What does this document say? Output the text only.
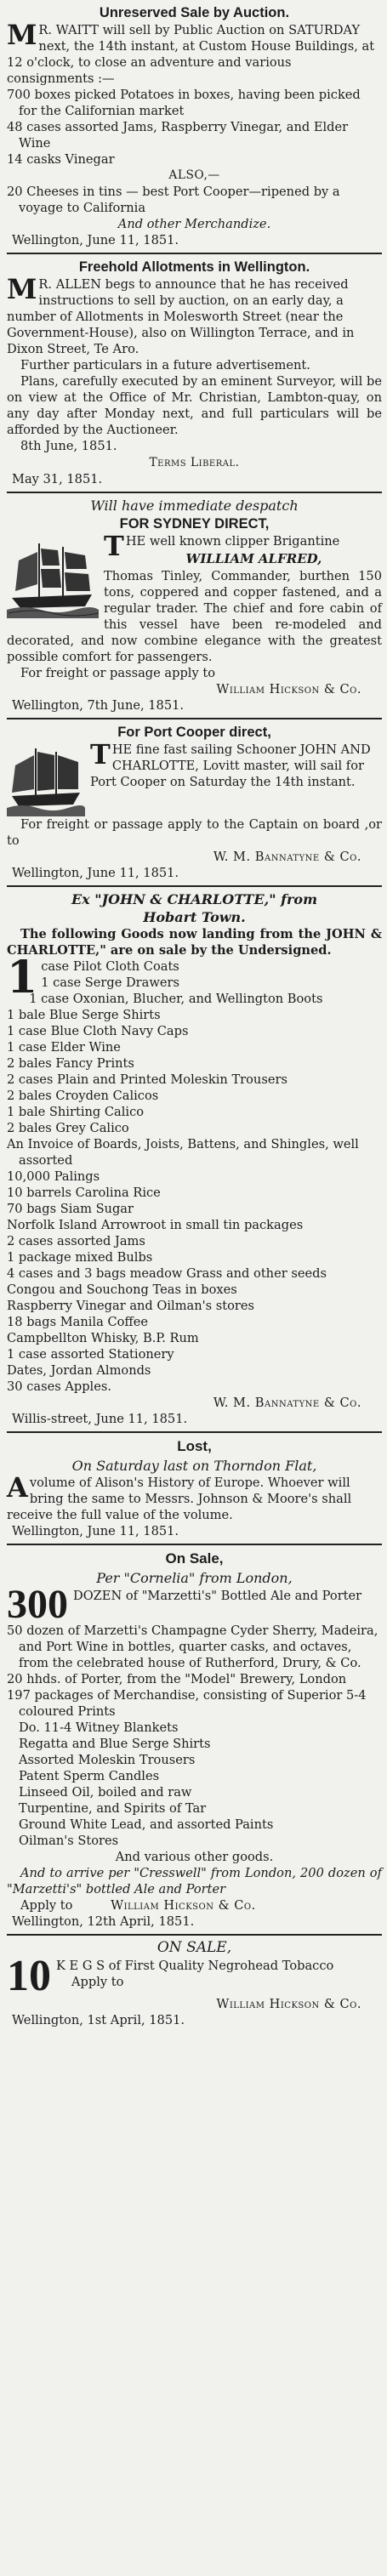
Unreserved Sale by Auction.
M R. WAITT will sell by Public Auction on SATURDAY next, the 14th instant, at Custom House Buildings, at 12 o'clock, to close an adventure and various consignments :—
700 boxes picked Potatoes in boxes, having been picked for the Californian market
48 cases assorted Jams, Raspberry Vinegar, and Elder Wine
14 casks Vinegar
ALSO,—
20 Cheeses in tins — best Port Cooper—ripened by a voyage to California
And other Merchandize.
Wellington, June 11, 1851.
Freehold Allotments in Wellington.
M R. ALLEN begs to announce that he has received instructions to sell by auction, on an early day, a number of Allotments in Molesworth Street (near the Government-House), also on Willington Terrace, and in Dixon Street, Te Aro.
Further particulars in a future advertisement.
Plans, carefully executed by an eminent Surveyor, will be on view at the Office of Mr. Christian, Lambton-quay, on any day after Monday next, and full particulars will be afforded by the Auctioneer.
8th June, 1851.
Terms Liberal.
May 31, 1851.
Will have immediate despatch
FOR SYDNEY DIRECT,
T HE well known clipper Brigantine
WILLIAM ALFRED,
Thomas Tinley, Commander, burthen 150 tons, coppered and copper fastened, and a regular trader. The chief and fore cabin of this vessel have been re-modeled and decorated, and now combine elegance with the greatest possible comfort for passengers.
For freight or passage apply to
William Hickson & Co.
Wellington, 7th June, 1851.
For Port Cooper direct,
T HE fine fast sailing Schooner JOHN AND CHARLOTTE, Lovitt master, will sail for Port Cooper on Saturday the 14th instant.
For freight or passage apply to the Captain on board ,or to
W. M. Bannatyne & Co.
Wellington, June 11, 1851.
Ex "JOHN & CHARLOTTE," from
Hobart Town.
The following Goods now landing from the JOHN & CHARLOTTE," are on sale by the Undersigned.
1 case Pilot Cloth Coats
1 case Serge Drawers
1 case Oxonian, Blucher, and Wellington Boots
1 bale Blue Serge Shirts
1 case Blue Cloth Navy Caps
1 case Elder Wine
2 bales Fancy Prints
2 cases Plain and Printed Moleskin Trousers
2 bales Croyden Calicos
1 bale Shirting Calico
2 bales Grey Calico
An Invoice of Boards, Joists, Battens, and Shingles, well assorted
10,000 Palings
10 barrels Carolina Rice
70 bags Siam Sugar
Norfolk Island Arrowroot in small tin packages
2 cases assorted Jams
1 package mixed Bulbs
4 cases and 3 bags meadow Grass and other seeds
Congou and Souchong Teas in boxes
Raspberry Vinegar and Oilman's stores
18 bags Manila Coffee
Campbellton Whisky, B.P. Rum
1 case assorted Stationery
Dates, Jordan Almonds
30 cases Apples.
W. M. Bannatyne & Co.
Willis-street, June 11, 1851.
Lost,
On Saturday last on Thorndon Flat,
A volume of Alison's History of Europe. Whoever will bring the same to Messrs. Johnson & Moore's shall receive the full value of the volume.
Wellington, June 11, 1851.
On Sale,
Per "Cornelia" from London,
300 DOZEN of "Marzetti's" Bottled Ale and Porter
50 dozen of Marzetti's Champagne Cyder Sherry, Madeira, and Port Wine in bottles, quarter casks, and octaves, from the celebrated house of Rutherford, Drury, & Co.
20 hhds. of Porter, from the "Model" Brewery, London
197 packages of Merchandise, consisting of Superior 5-4 coloured Prints
Do. 11-4 Witney Blankets
Regatta and Blue Serge Shirts
Assorted Moleskin Trousers
Patent Sperm Candles
Linseed Oil, boiled and raw
Turpentine, and Spirits of Tar
Ground White Lead, and assorted Paints
Oilman's Stores
And various other goods.
And to arrive per "Cresswell" from London, 200 dozen of "Marzetti's" bottled Ale and Porter
Apply to	William Hickson & Co.
Wellington, 12th April, 1851.
ON SALE,
10 K E G S of First Quality Negrohead Tobacco
Apply to
William Hickson & Co.
Wellington, 1st April, 1851.
